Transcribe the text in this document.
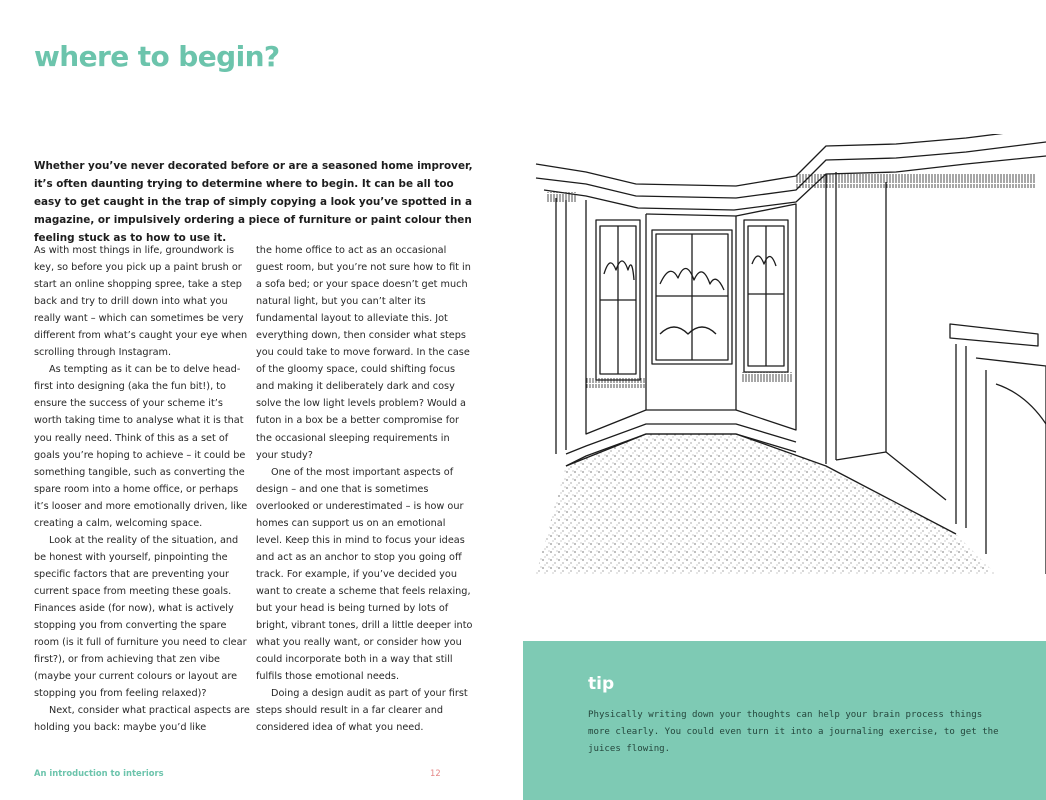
where to begin?

Whether you’ve never decorated before or are a seasoned home improver, it’s often daunting trying to determine where to begin. It can be all too easy to get caught in the trap of simply copying a look you’ve spotted in a magazine, or impulsively ordering a piece of furniture or paint colour then feeling stuck as to how to use it.

As with most things in life, groundwork is key, so before you pick up a paint brush or start an online shopping spree, take a step back and try to drill down into what you really want – which can sometimes be very different from what’s caught your eye when scrolling through Instagram.

As tempting as it can be to delve head-first into designing (aka the fun bit!), to ensure the success of your scheme it’s worth taking time to analyse what it is that you really need. Think of this as a set of goals you’re hoping to achieve – it could be something tangible, such as converting the spare room into a home office, or perhaps it’s looser and more emotionally driven, like creating a calm, welcoming space.

Look at the reality of the situation, and be honest with yourself, pinpointing the specific factors that are preventing your current space from meeting these goals. Finances aside (for now), what is actively stopping you from converting the spare room (is it full of furniture you need to clear first?), or from achieving that zen vibe (maybe your current colours or layout are stopping you from feeling relaxed)?

Next, consider what practical aspects are holding you back: maybe you’d like

the home office to act as an occasional guest room, but you’re not sure how to fit in a sofa bed; or your space doesn’t get much natural light, but you can’t alter its fundamental layout to alleviate this. Jot everything down, then consider what steps you could take to move forward. In the case of the gloomy space, could shifting focus and making it deliberately dark and cosy solve the low light levels problem? Would a futon in a box be a better compromise for the occasional sleeping requirements in your study?

One of the most important aspects of design – and one that is sometimes overlooked or underestimated – is how our homes can support us on an emotional level. Keep this in mind to focus your ideas and act as an anchor to stop you going off track. For example, if you’ve decided you want to create a scheme that feels relaxing, but your head is being turned by lots of bright, vibrant tones, drill a little deeper into what you really want, or consider how you could incorporate both in a way that still fulfils those emotional needs.

Doing a design audit as part of your first steps should result in a far clearer and considered idea of what you need.

An introduction to interiors	12
tip

Physically writing down your thoughts can help your brain process things more clearly. You could even turn it into a journaling exercise, to get the juices flowing.
